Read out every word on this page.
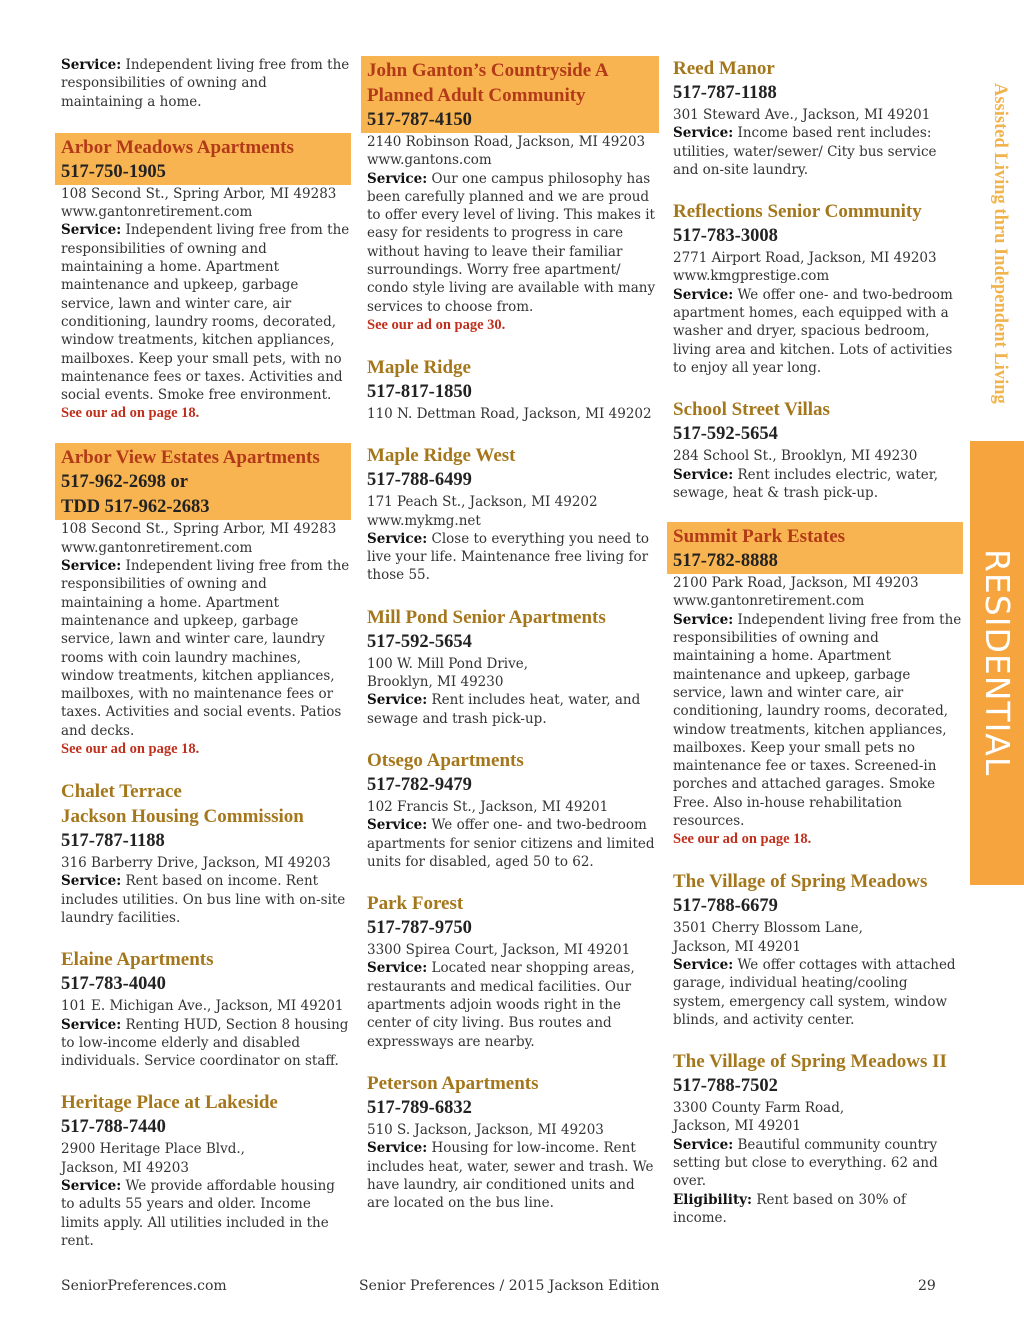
Service: Independent living free from the responsibilities of owning and maintaining a home.
Arbor Meadows Apartments
517-750-1905
108 Second St., Spring Arbor, MI 49283
www.gantonretirement.com
Service: Independent living free from the responsibilities of owning and maintaining a home. Apartment maintenance and upkeep, garbage service, lawn and winter care, air conditioning, laundry rooms, decorated, window treatments, kitchen appliances, mailboxes. Keep your small pets, with no maintenance fees or taxes. Activities and social events. Smoke free environment.
See our ad on page 18.
Arbor View Estates Apartments
517-962-2698 or
TDD 517-962-2683
108 Second St., Spring Arbor, MI 49283
www.gantonretirement.com
Service: Independent living free from the responsibilities of owning and maintaining a home. Apartment maintenance and upkeep, garbage service, lawn and winter care, laundry rooms with coin laundry machines, window treatments, kitchen appliances, mailboxes, with no maintenance fees or taxes. Activities and social events. Patios and decks.
See our ad on page 18.
Chalet Terrace
Jackson Housing Commission
517-787-1188
316 Barberry Drive, Jackson, MI 49203
Service: Rent based on income. Rent includes utilities. On bus line with on-site laundry facilities.
Elaine Apartments
517-783-4040
101 E. Michigan Ave., Jackson, MI 49201
Service: Renting HUD, Section 8 housing to low-income elderly and disabled individuals. Service coordinator on staff.
Heritage Place at Lakeside
517-788-7440
2900 Heritage Place Blvd.,
Jackson, MI 49203
Service: We provide affordable housing to adults 55 years and older. Income limits apply. All utilities included in the rent.
John Ganton’s Countryside A
Planned Adult Community
517-787-4150
2140 Robinson Road, Jackson, MI 49203
www.gantons.com
Service: Our one campus philosophy has been carefully planned and we are proud to offer every level of living. This makes it easy for residents to progress in care without having to leave their familiar surroundings. Worry free apartment/ condo style living are available with many services to choose from.
See our ad on page 30.
Maple Ridge
517-817-1850
110 N. Dettman Road, Jackson, MI 49202
Maple Ridge West
517-788-6499
171 Peach St., Jackson, MI 49202
www.mykmg.net
Service: Close to everything you need to live your life. Maintenance free living for those 55.
Mill Pond Senior Apartments
517-592-5654
100 W. Mill Pond Drive,
Brooklyn, MI 49230
Service: Rent includes heat, water, and sewage and trash pick-up.
Otsego Apartments
517-782-9479
102 Francis St., Jackson, MI 49201
Service: We offer one- and two-bedroom apartments for senior citizens and limited units for disabled, aged 50 to 62.
Park Forest
517-787-9750
3300 Spirea Court, Jackson, MI 49201
Service: Located near shopping areas, restaurants and medical facilities. Our apartments adjoin woods right in the center of city living. Bus routes and expressways are nearby.
Peterson Apartments
517-789-6832
510 S. Jackson, Jackson, MI 49203
Service: Housing for low-income. Rent includes heat, water, sewer and trash. We have laundry, air conditioned units and are located on the bus line.
Reed Manor
517-787-1188
301 Steward Ave., Jackson, MI 49201
Service: Income based rent includes: utilities, water/sewer/ City bus service and on-site laundry.
Reflections Senior Community
517-783-3008
2771 Airport Road, Jackson, MI 49203
www.kmgprestige.com
Service: We offer one- and two-bedroom apartment homes, each equipped with a washer and dryer, spacious bedroom, living area and kitchen. Lots of activities to enjoy all year long.
School Street Villas
517-592-5654
284 School St., Brooklyn, MI 49230
Service: Rent includes electric, water, sewage, heat & trash pick-up.
Summit Park Estates
517-782-8888
2100 Park Road, Jackson, MI 49203
www.gantonretirement.com
Service: Independent living free from the responsibilities of owning and maintaining a home. Apartment maintenance and upkeep, garbage service, lawn and winter care, air conditioning, laundry rooms, decorated, window treatments, kitchen appliances, mailboxes. Keep your small pets no maintenance fee or taxes. Screened-in porches and attached garages. Smoke Free. Also in-house rehabilitation resources.
See our ad on page 18.
The Village of Spring Meadows
517-788-6679
3501 Cherry Blossom Lane,
Jackson, MI 49201
Service: We offer cottages with attached garage, individual heating/cooling system, emergency call system, window blinds, and activity center.
The Village of Spring Meadows II
517-788-7502
3300 County Farm Road,
Jackson, MI 49201
Service: Beautiful community country setting but close to everything. 62 and over.
Eligibility: Rent based on 30% of income.
Assisted Living thru Independent Living
RESIDENTIAL
SeniorPreferences.com	Senior Preferences / 2015 Jackson Edition	29
